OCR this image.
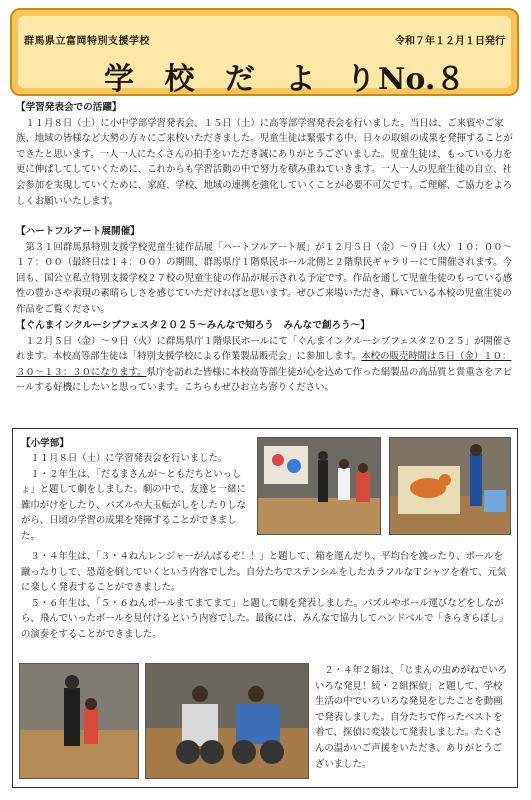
群馬県立富岡特別支援学校	令和７年１２月１日発行
学 校 だ よ り
No.８
【学習発表会での活躍】

１１月８日（土）に小中学部学習発表会、１５日（土）に高等部学習発表会を行いました。当日は、ご来賓やご家族、地域の皆様など大勢の方々にご来校いただきました。児童生徒は緊張する中、日々の取組の成果を発揮することができたと思います。一人一人にたくさんの拍手をいただき誠にありがとうございました。児童生徒は、もっている力を更に伸ばしてしていくために、これからも学習活動の中で努力を積み重ねていきます。一人一人の児童生徒の自立、社会参加を実現していくために、家庭、学校、地域の連携を強化していくことが必要不可欠です。ご理解、ご協力をよろしくお願いいたします。

【ハートフルアート展開催】

第３１回群馬県特別支援学校児童生徒作品展「ハートフルアート展」が１２月５日（金）～９日（火）１０：００～１７：００（最終日は１４：００）の期間、群馬県庁１階県民ホール北側と２階県民ギャラリーにて開催されます。今回も、国公立私立特別支援学校２７校の児童生徒の作品が展示される予定です。作品を通して児童生徒のもっている感性の豊かさや表現の素晴らしさを感じていただければと思います。ぜひご来場いただき、輝いている本校の児童生徒の作品をご覧ください。

【ぐんまインクルーシブフェスタ２０２５～みんなで知ろう　みんなで創ろう～】

１２月５日（金）～９日（火）に群馬県庁１階県民ホールにて「ぐんまインクルーシブフェスタ２０２５」が開催されます。本校高等部生徒は「特別支援学校による作業製品販売会」に参加します。本校の販売時間は５日（金）１０：３０～１３：３０になります。県庁を訪れた皆様に本校高等部生徒が心を込めて作った絹製品の高品質と貴重さをアピールする好機にしたいと思っています。こちらもぜひお立ち寄りください。

【小学部】

１１月８日（土）に学習発表会を行いました。

１・２年生は、「だるまさんが～ともだちといっしょ」と題して劇をしました。劇の中で、友達と一緒に雑巾がけをしたり、パズルや大玉転がしをしたりしながら、日頃の学習の成果を発揮することができました。

３・４年生は、「３・４ねんレンジャーがんばるぞ！！」と題して、箱を運んだり、平均台を渡ったり、ボールを蹴ったりして、恐竜を倒していくという内容でした。自分たちでステンシルをしたカラフルなＴシャツを着て、元気に楽しく発表することができました。

５・６年生は、「５・６ねんボールまてまてまて」と題して劇を発表しました。パズルやボール運びなどをしながら、飛んでいったボールを見付けるという内容でした。最後には、みんなで協力してハンドベルで「きらきらぼし」の演奏をすることができました。

２・４年２組は、「じまんの虫めがねでいろいろな発見！続・２組探偵」と題して、学校生活の中でいろいろな発見をしたことを動画で発表しました。自分たちで作ったベストを着て、探偵に変装して発表しました。たくさんの温かいご声援をいただき、ありがとうございました。
